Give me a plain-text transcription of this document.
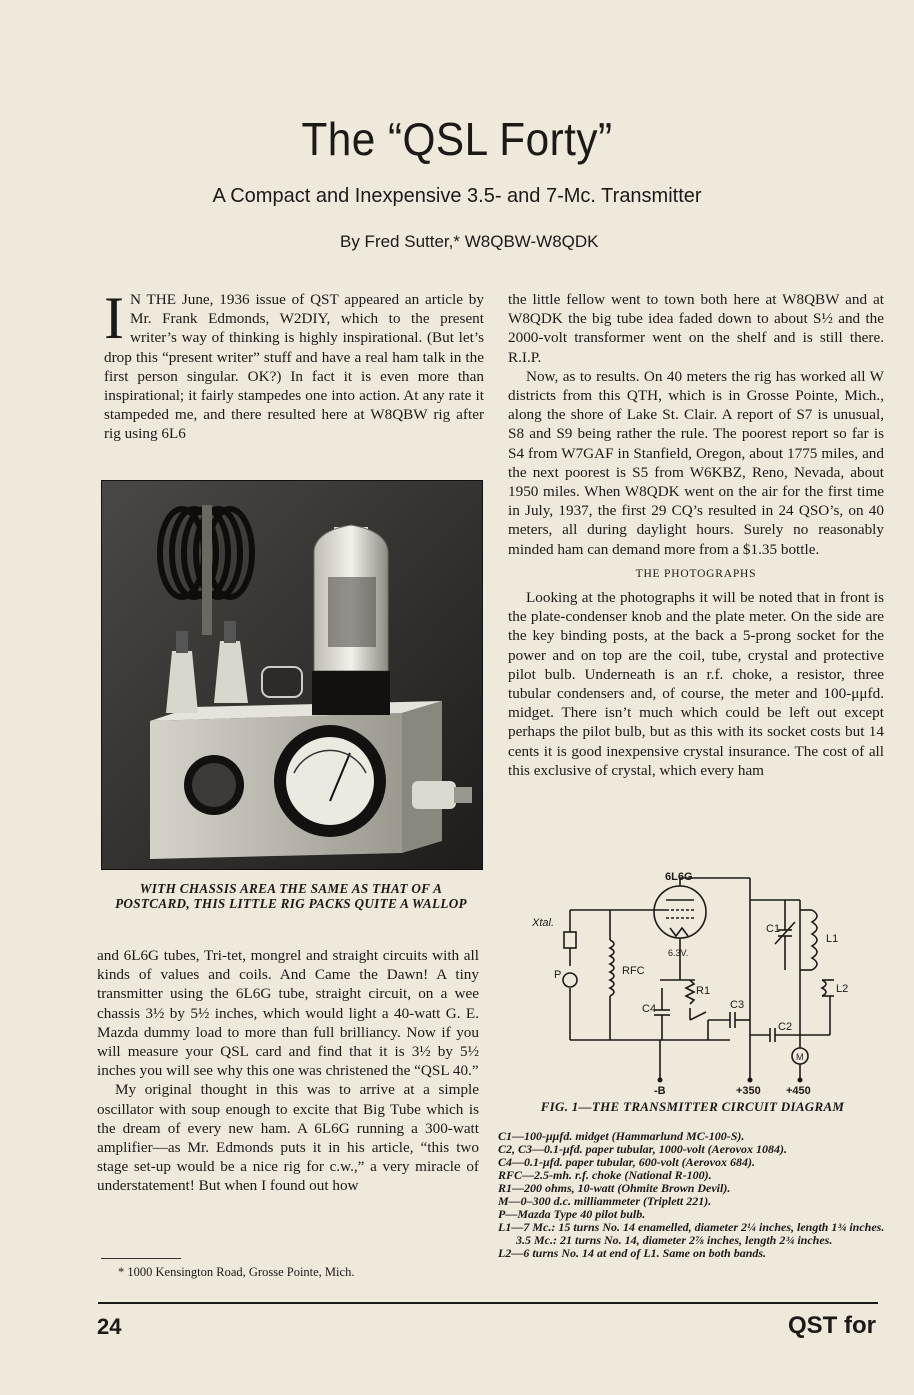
The “QSL Forty”
A Compact and Inexpensive 3.5- and 7-Mc. Transmitter
By Fred Sutter,* W8QBW-W8QDK

I N THE June, 1936 issue of QST appeared an article by Mr. Frank Edmonds, W2DIY, which to the present writer’s way of thinking is highly inspirational. (But let’s drop this “present writer” stuff and have a real ham talk in the first person singular. OK?) In fact it is even more than inspirational; it fairly stampedes one into action. At any rate it stampeded me, and there resulted here at W8QBW rig after rig using 6L6

WITH CHASSIS AREA THE SAME AS THAT OF A POSTCARD, THIS LITTLE RIG PACKS QUITE A WALLOP

and 6L6G tubes, Tri-tet, mongrel and straight circuits with all kinds of values and coils. And Came the Dawn! A tiny transmitter using the 6L6G tube, straight circuit, on a wee chassis 3½ by 5½ inches, which would light a 40-watt G. E. Mazda dummy load to more than full brilliancy. Now if you will measure your QSL card and find that it is 3½ by 5½ inches you will see why this one was christened the “QSL 40.”

My original thought in this was to arrive at a simple oscillator with soup enough to excite that Big Tube which is the dream of every new ham. A 6L6G running a 300-watt amplifier—as Mr. Edmonds puts it in his article, “this two stage set-up would be a nice rig for c.w.,” a very miracle of understatement! But when I found out how

* 1000 Kensington Road, Grosse Pointe, Mich.

the little fellow went to town both here at W8QBW and at W8QDK the big tube idea faded down to about S½ and the 2000-volt transformer went on the shelf and is still there. R.I.P.

Now, as to results. On 40 meters the rig has worked all W districts from this QTH, which is in Grosse Pointe, Mich., along the shore of Lake St. Clair. A report of S7 is unusual, S8 and S9 being rather the rule. The poorest report so far is S4 from W7GAF in Stanfield, Oregon, about 1775 miles, and the next poorest is S5 from W6KBZ, Reno, Nevada, about 1950 miles. When W8QDK went on the air for the first time in July, 1937, the first 29 CQ’s resulted in 24 QSO’s, on 40 meters, all during daylight hours. Surely no reasonably minded ham can demand more from a $1.35 bottle.

THE PHOTOGRAPHS

Looking at the photographs it will be noted that in front is the plate-condenser knob and the plate meter. On the side are the key binding posts, at the back a 5-prong socket for the power and on top are the coil, tube, crystal and protective pilot bulb. Underneath is an r.f. choke, a resistor, three tubular condensers and, of course, the meter and 100-μμfd. midget. There isn’t much which could be left out except perhaps the pilot bulb, but as this with its socket costs but 14 cents it is good inexpensive crystal insurance. The cost of all this exclusive of crystal, which every ham

6L6G
Xtal.
6.3V.
RFC
P
C1
C2
C3
C4
R1
L1
L2
M
-B	+350 +450
FIG. 1—THE TRANSMITTER CIRCUIT DIAGRAM
C1—100-μμfd. midget (Hammarlund MC-100-S).
C2, C3—0.1-μfd. paper tubular, 1000-volt (Aerovox 1084).
C4—0.1-μfd. paper tubular, 600-volt (Aerovox 684).
RFC—2.5-mh. r.f. choke (National R-100).
R1—200 ohms, 10-watt (Ohmite Brown Devil).
M—0–300 d.c. milliammeter (Triplett 221).
P—Mazda Type 40 pilot bulb.
L1—7 Mc.: 15 turns No. 14 enamelled, diameter 2¼ inches, length 1¾ inches.
3.5 Mc.: 21 turns No. 14, diameter 2⅞ inches, length 2¾ inches.
L2—6 turns No. 14 at end of L1. Same on both bands.
24	QST for
